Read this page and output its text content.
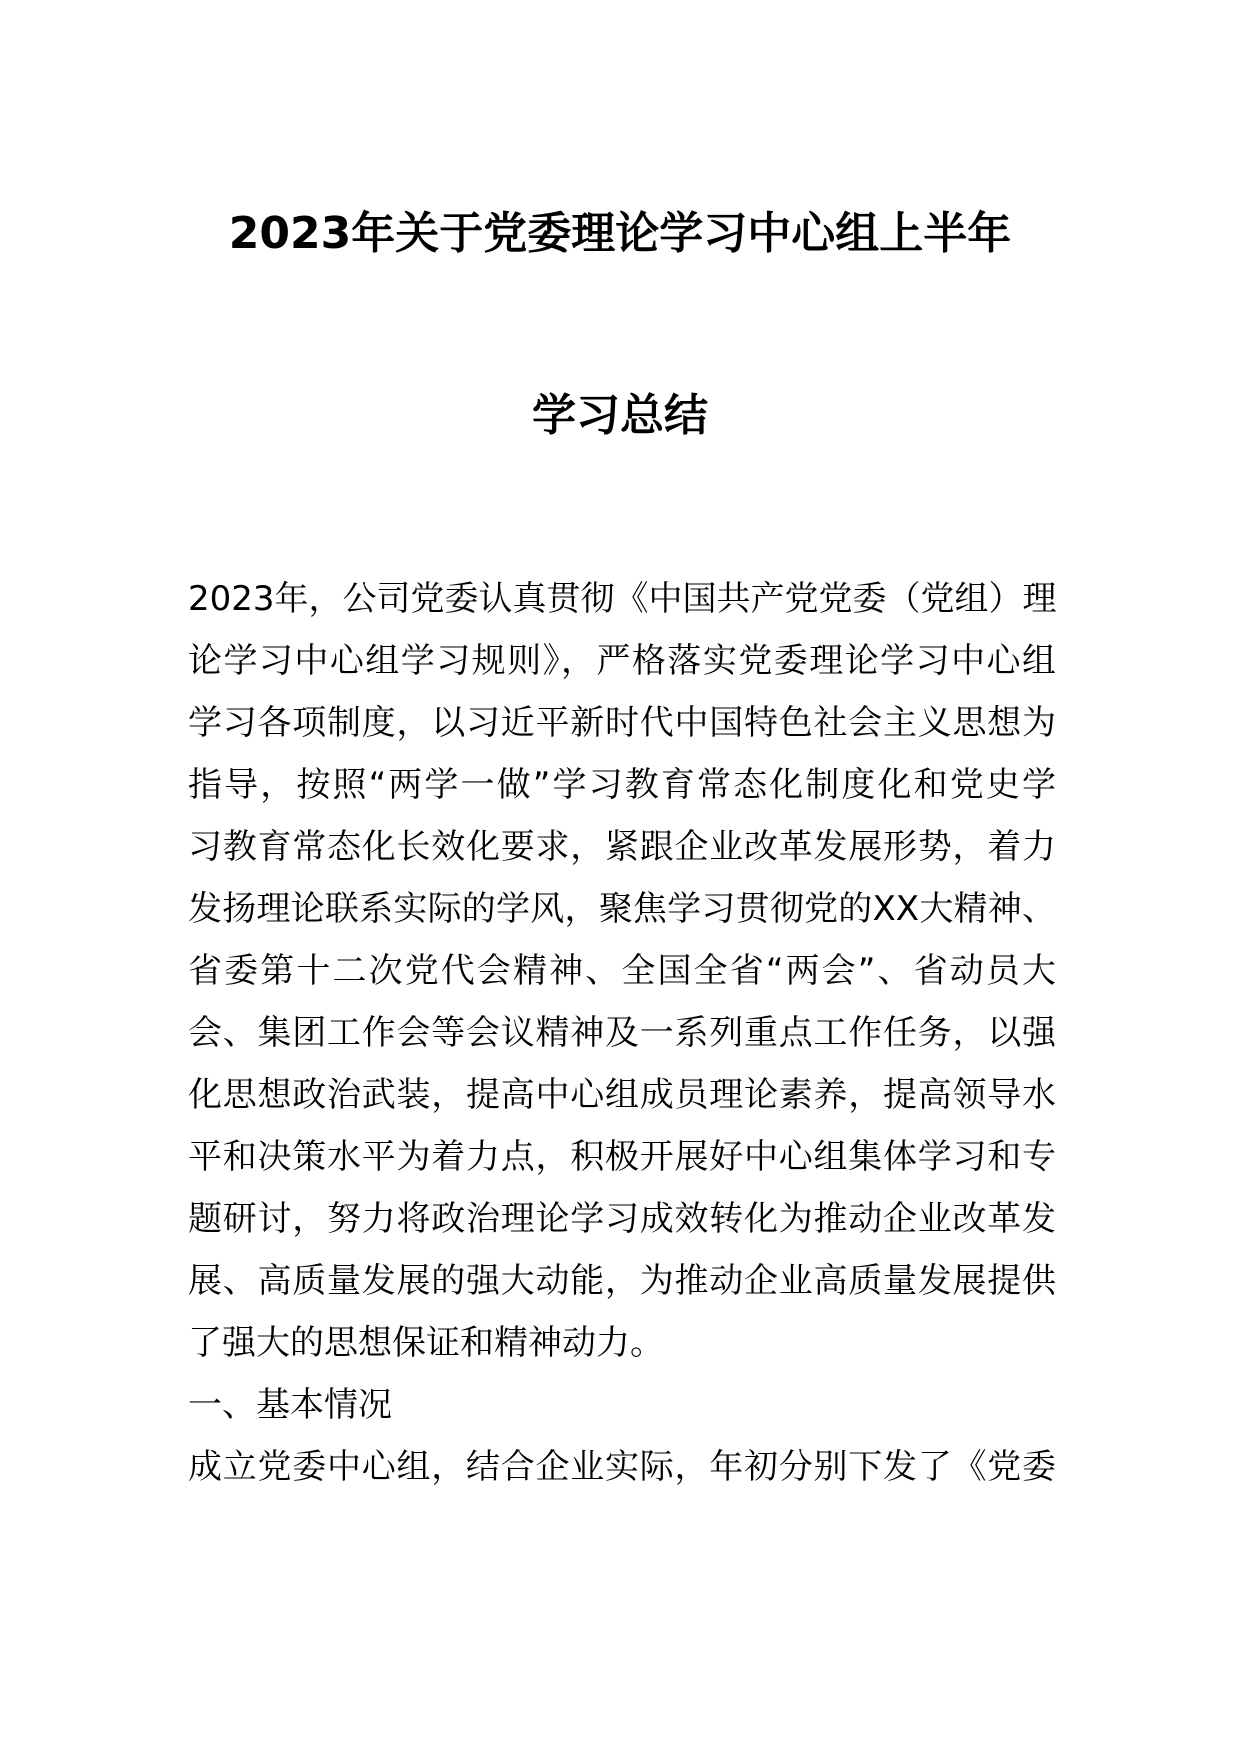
2023年关于党委理论学习中心组上半年
学习总结
2023年，公司党委认真贯彻《中国共产党党委（党组）理
论学习中心组学习规则》，严格落实党委理论学习中心组
学习各项制度，以习近平新时代中国特色社会主义思想为
指导，按照“两学一做”学习教育常态化制度化和党史学
习教育常态化长效化要求，紧跟企业改革发展形势，着力
发扬理论联系实际的学风，聚焦学习贯彻党的XX大精神、
省委第十二次党代会精神、全国全省“两会”、省动员大
会、集团工作会等会议精神及一系列重点工作任务，以强
化思想政治武装，提高中心组成员理论素养，提高领导水
平和决策水平为着力点，积极开展好中心组集体学习和专
题研讨，努力将政治理论学习成效转化为推动企业改革发
展、高质量发展的强大动能，为推动企业高质量发展提供
了强大的思想保证和精神动力。
一、基本情况
成立党委中心组，结合企业实际，年初分别下发了《党委
